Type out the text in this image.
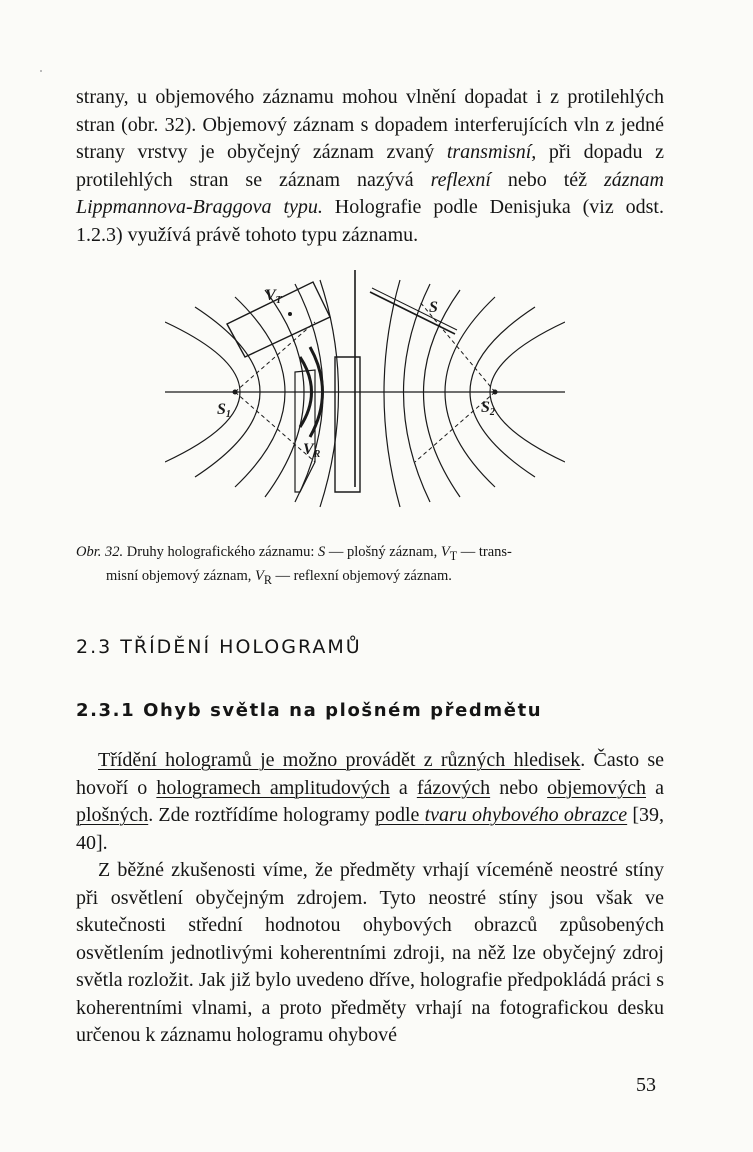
strany, u objemového záznamu mohou vlnění dopadat i z protilehlých stran (obr. 32). Objemový záznam s dopadem interferujících vln z jedné strany vrstvy je obyčejný záznam zvaný transmisní, při dopadu z protilehlých stran se záznam nazývá reflexní nebo též záznam Lippmannova-Braggova typu. Holografie podle Denisjuka (viz odst. 1.2.3) využívá právě tohoto typu záznamu.

VT	S
S1	S2
VR

Obr. 32. Druhy holografického záznamu: S — plošný záznam, $V_T$ — trans-
misní objemový záznam, $V_R$ — reflexní objemový záznam.

2.3 TŘÍDĚNÍ HOLOGRAMŮ
2.3.1 Ohyb světla na plošném předmětu

Třídění hologramů je možno provádět z různých hledisek. Často se hovoří o hologramech amplitudových a fázových nebo objemových a plošných. Zde roztřídíme hologramy podle tvaru ohybového obrazce [39, 40].

Z běžné zkušenosti víme, že předměty vrhají víceméně neostré stíny při osvětlení obyčejným zdrojem. Tyto neostré stíny jsou však ve skutečnosti střední hodnotou ohybových obrazců způsobených osvětlením jednotlivými koherentními zdroji, na něž lze obyčejný zdroj světla rozložit. Jak již bylo uvedeno dříve, holografie předpokládá práci s koherentními vlnami, a proto předměty vrhají na fotografickou desku určenou k záznamu hologramu ohybové

53
